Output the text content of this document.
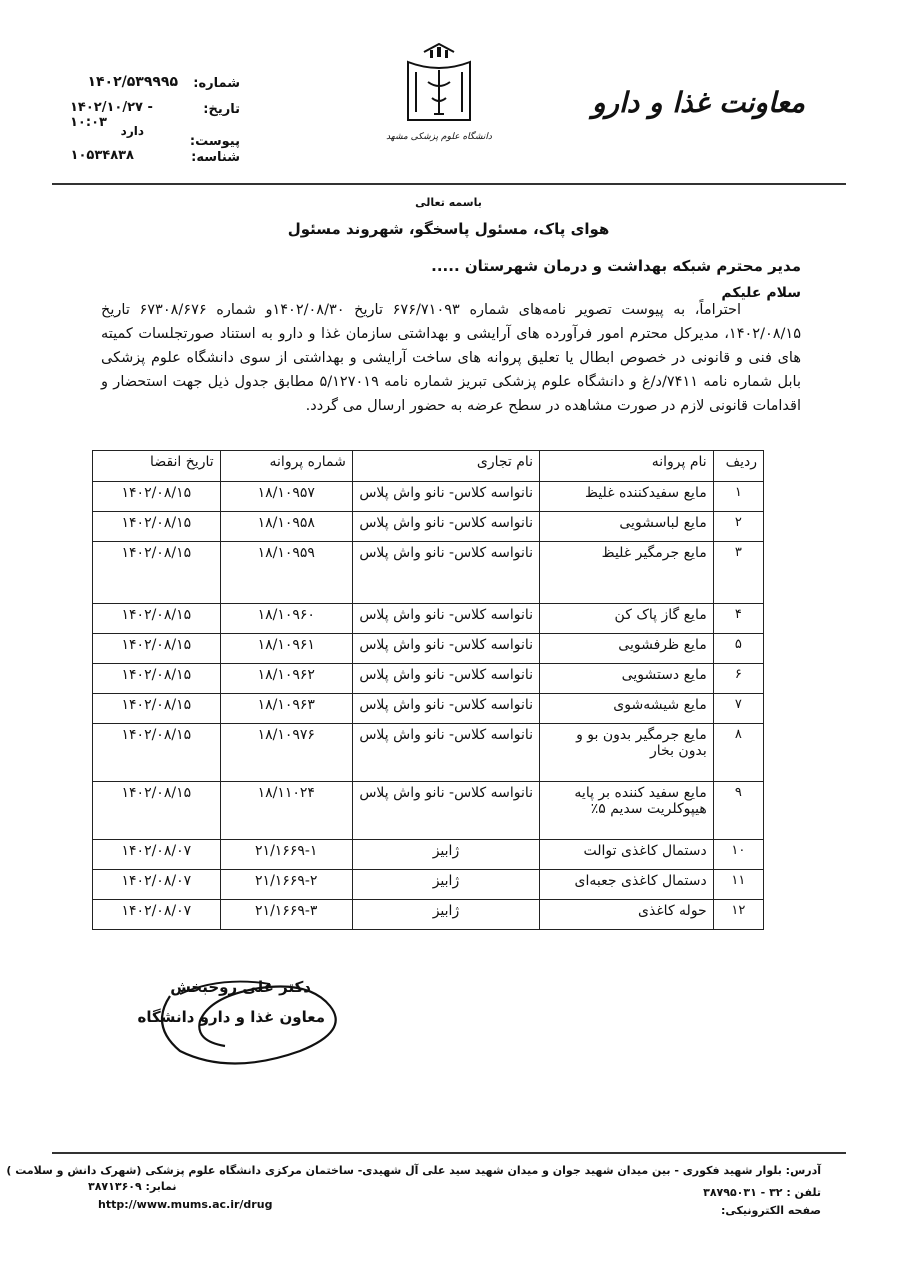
شماره:
۱۴۰۲/۵۳۹۹۹۵
تاریخ:
۱۴۰۲/۱۰/۲۷ - ۱۰:۰۳
پیوست:
دارد
شناسه:
۱۰۵۳۴۸۳۸
دانشگاه علوم پزشکی مشهد
معاونت غذا و دارو
باسمه تعالی
هوای پاک، مسئول پاسخگو، شهروند مسئول
مدیر محترم شبکه بهداشت و درمان شهرستان .....
سلام علیکم
احتراماً، به پیوست تصویر نامه‌های شماره ۶۷۶/۷۱۰۹۳ تاریخ ۱۴۰۲/۰۸/۳۰و شماره ۶۷۳۰۸/۶۷۶ تاریخ ۱۴۰۲/۰۸/۱۵، مدیرکل محترم امور فرآورده های آرایشی و بهداشتی سازمان غذا و دارو به استناد صورتجلسات کمیته های فنی و قانونی در خصوص ابطال یا تعلیق پروانه های ساخت آرایشی و بهداشتی از سوی دانشگاه علوم پزشکی بابل شماره نامه ۷۴۱۱/د/غ و دانشگاه علوم پزشکی تبریز شماره نامه ۵/۱۲۷۰۱۹ مطابق جدول ذیل جهت استحضار و اقدامات قانونی لازم در صورت مشاهده در سطح عرضه به حضور ارسال می گردد.
ردیف	نام پروانه	نام تجاری	شماره پروانه	تاریخ انقضا
۱	مایع سفیدکننده غلیظ	نانواسه کلاس- نانو واش پلاس	۱۸/۱۰۹۵۷	۱۴۰۲/۰۸/۱۵
۲	مایع لباسشویی	نانواسه کلاس- نانو واش پلاس	۱۸/۱۰۹۵۸	۱۴۰۲/۰۸/۱۵
۳	مایع جرمگیر غلیظ	نانواسه کلاس- نانو واش پلاس	۱۸/۱۰۹۵۹	۱۴۰۲/۰۸/۱۵
۴	مایع گاز پاک کن	نانواسه کلاس- نانو واش پلاس	۱۸/۱۰۹۶۰	۱۴۰۲/۰۸/۱۵
۵	مایع ظرفشویی	نانواسه کلاس- نانو واش پلاس	۱۸/۱۰۹۶۱	۱۴۰۲/۰۸/۱۵
۶	مایع دستشویی	نانواسه کلاس- نانو واش پلاس	۱۸/۱۰۹۶۲	۱۴۰۲/۰۸/۱۵
۷	مایع شیشه‌شوی	نانواسه کلاس- نانو واش پلاس	۱۸/۱۰۹۶۳	۱۴۰۲/۰۸/۱۵
۸	مایع جرمگیر بدون بو و بدون بخار	نانواسه کلاس- نانو واش پلاس	۱۸/۱۰۹۷۶	۱۴۰۲/۰۸/۱۵
۹	مایع سفید کننده بر پایه هیپوکلریت سدیم ۵٪	نانواسه کلاس- نانو واش پلاس	۱۸/۱۱۰۲۴	۱۴۰۲/۰۸/۱۵
۱۰	دستمال کاغذی توالت	ژابیز	۲۱/۱۶۶۹-۱	۱۴۰۲/۰۸/۰۷
۱۱	دستمال کاغذی جعبه‌ای	ژابیز	۲۱/۱۶۶۹-۲	۱۴۰۲/۰۸/۰۷
۱۲	حوله کاغذی	ژابیز	۲۱/۱۶۶۹-۳	۱۴۰۲/۰۸/۰۷
دکتر علی روحبخش
معاون غذا و دارو دانشگاه
آدرس: بلوار شهید فکوری - بین میدان شهید جوان و میدان شهید سید علی آل شهیدی- ساختمان مرکزی دانشگاه علوم پزشکی (شهرک دانش و سلامت )
تلفن : ۳۲ - ۳۸۷۹۵۰۳۱
نمابر: ۳۸۷۱۳۶۰۹
صفحه الکترونیکی:
http://www.mums.ac.ir/drug
